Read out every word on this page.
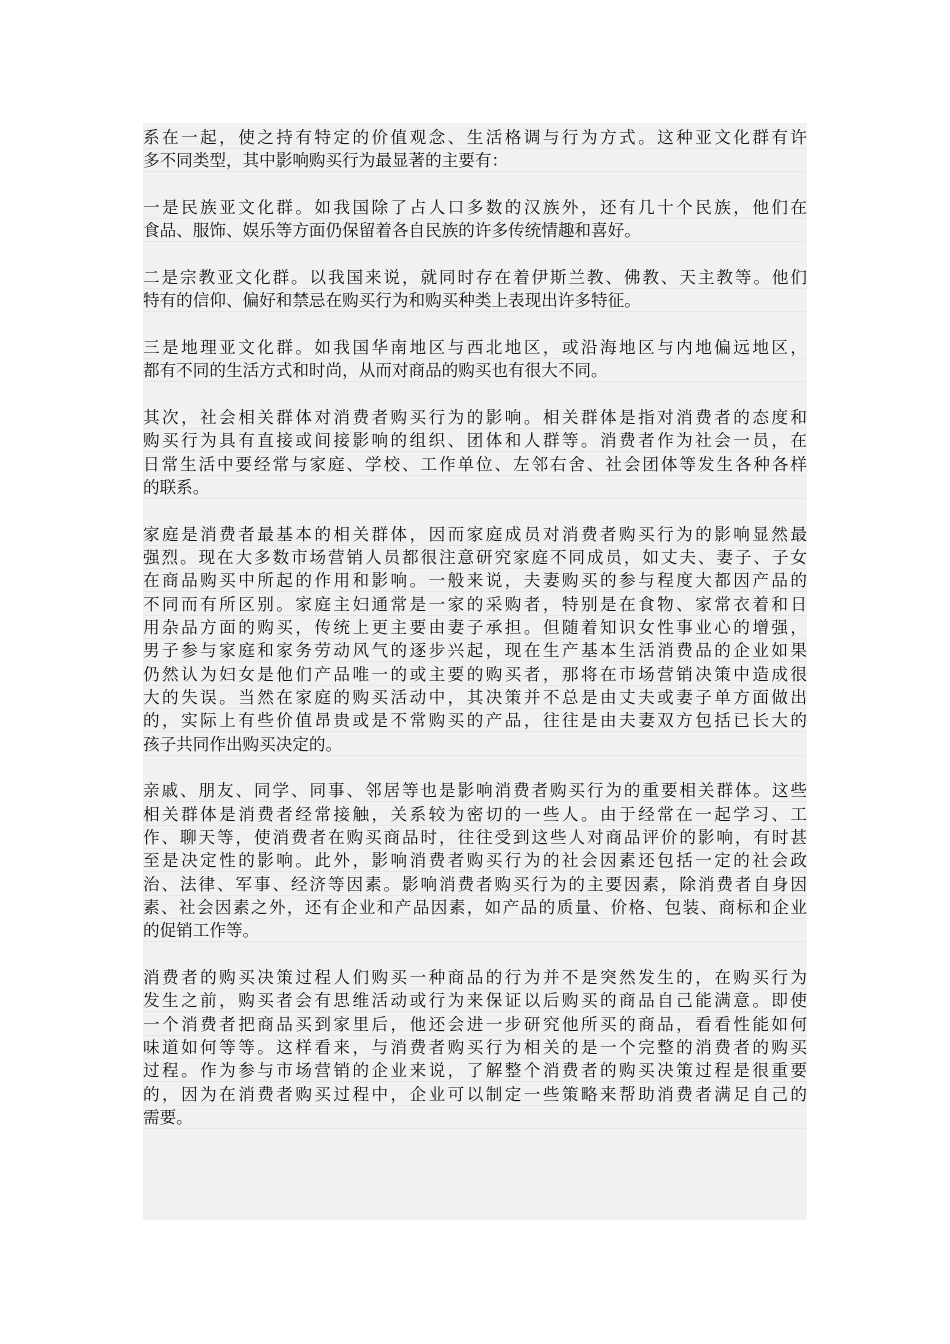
系在一起，使之持有特定的价值观念、生活格调与行为方式。这种亚文化群有许
多不同类型，其中影响购买行为最显著的主要有：
一是民族亚文化群。如我国除了占人口多数的汉族外，还有几十个民族，他们在
食品、服饰、娱乐等方面仍保留着各自民族的许多传统情趣和喜好。
二是宗教亚文化群。以我国来说，就同时存在着伊斯兰教、佛教、天主教等。他们
特有的信仰、偏好和禁忌在购买行为和购买种类上表现出许多特征。
三是地理亚文化群。如我国华南地区与西北地区，或沿海地区与内地偏远地区，
都有不同的生活方式和时尚，从而对商品的购买也有很大不同。
其次，社会相关群体对消费者购买行为的影响。相关群体是指对消费者的态度和
购买行为具有直接或间接影响的组织、团体和人群等。消费者作为社会一员，在
日常生活中要经常与家庭、学校、工作单位、左邻右舍、社会团体等发生各种各样
的联系。
家庭是消费者最基本的相关群体，因而家庭成员对消费者购买行为的影响显然最
强烈。现在大多数市场营销人员都很注意研究家庭不同成员，如丈夫、妻子、子女
在商品购买中所起的作用和影响。一般来说，夫妻购买的参与程度大都因产品的
不同而有所区别。家庭主妇通常是一家的采购者，特别是在食物、家常衣着和日
用杂品方面的购买，传统上更主要由妻子承担。但随着知识女性事业心的增强，
男子参与家庭和家务劳动风气的逐步兴起，现在生产基本生活消费品的企业如果
仍然认为妇女是他们产品唯一的或主要的购买者，那将在市场营销决策中造成很
大的失误。当然在家庭的购买活动中，其决策并不总是由丈夫或妻子单方面做出
的，实际上有些价值昂贵或是不常购买的产品，往往是由夫妻双方包括已长大的
孩子共同作出购买决定的。
亲戚、朋友、同学、同事、邻居等也是影响消费者购买行为的重要相关群体。这些
相关群体是消费者经常接触，关系较为密切的一些人。由于经常在一起学习、工
作、聊天等，使消费者在购买商品时，往往受到这些人对商品评价的影响，有时甚
至是决定性的影响。此外，影响消费者购买行为的社会因素还包括一定的社会政
治、法律、军事、经济等因素。影响消费者购买行为的主要因素，除消费者自身因
素、社会因素之外，还有企业和产品因素，如产品的质量、价格、包装、商标和企业
的促销工作等。
消费者的购买决策过程人们购买一种商品的行为并不是突然发生的，在购买行为
发生之前，购买者会有思维活动或行为来保证以后购买的商品自己能满意。即使
一个消费者把商品买到家里后，他还会进一步研究他所买的商品，看看性能如何
味道如何等等。这样看来，与消费者购买行为相关的是一个完整的消费者的购买
过程。作为参与市场营销的企业来说，了解整个消费者的购买决策过程是很重要
的，因为在消费者购买过程中，企业可以制定一些策略来帮助消费者满足自己的
需要。
